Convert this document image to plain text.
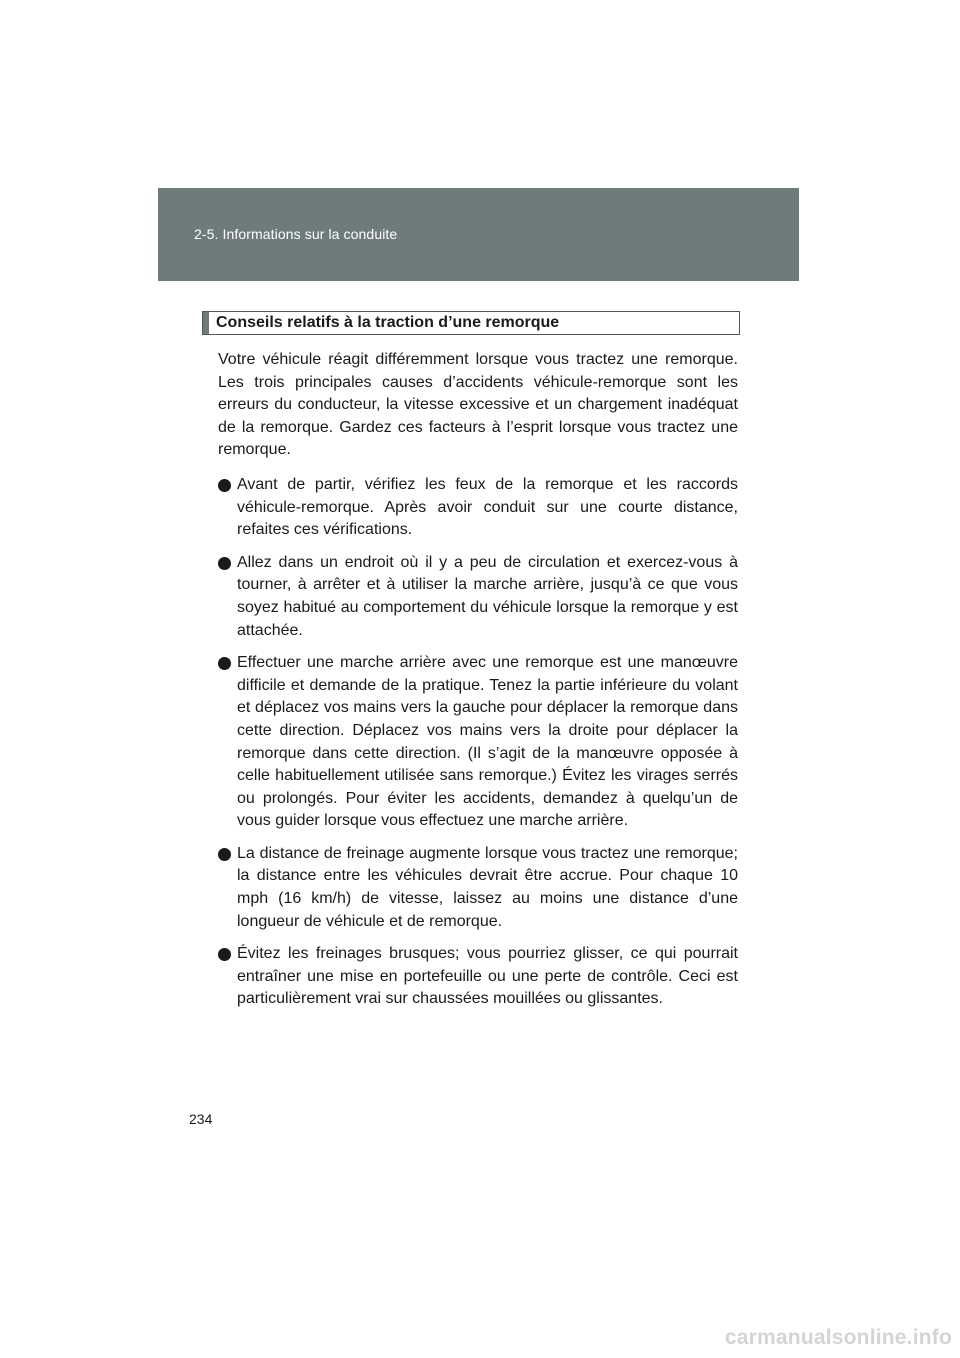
2-5. Informations sur la conduite
Conseils relatifs à la traction d’une remorque

Votre véhicule réagit différemment lorsque vous tractez une remorque. Les trois principales causes d’accidents véhicule-remorque sont les erreurs du conducteur, la vitesse excessive et un chargement inadéquat de la remorque. Gardez ces facteurs à l’esprit lorsque vous tractez une remorque.

Avant de partir, vérifiez les feux de la remorque et les raccords véhicule-remorque. Après avoir conduit sur une courte distance, refaites ces vérifications.
Allez dans un endroit où il y a peu de circulation et exercez-vous à tourner, à arrêter et à utiliser la marche arrière, jusqu’à ce que vous soyez habitué au comportement du véhicule lorsque la remorque y est attachée.
Effectuer une marche arrière avec une remorque est une manœuvre difficile et demande de la pratique. Tenez la partie inférieure du volant et déplacez vos mains vers la gauche pour déplacer la remorque dans cette direction. Déplacez vos mains vers la droite pour déplacer la remorque dans cette direction. (Il s’agit de la manœuvre opposée à celle habituellement utilisée sans remorque.) Évitez les virages serrés ou prolongés. Pour éviter les accidents, demandez à quelqu’un de vous guider lorsque vous effectuez une marche arrière.
La distance de freinage augmente lorsque vous tractez une remorque; la distance entre les véhicules devrait être accrue. Pour chaque 10 mph (16 km/h) de vitesse, laissez au moins une distance d’une longueur de véhicule et de remorque.
Évitez les freinages brusques; vous pourriez glisser, ce qui pourrait entraîner une mise en portefeuille ou une perte de contrôle. Ceci est particulièrement vrai sur chaussées mouillées ou glissantes.
234
carmanualsonline.info
